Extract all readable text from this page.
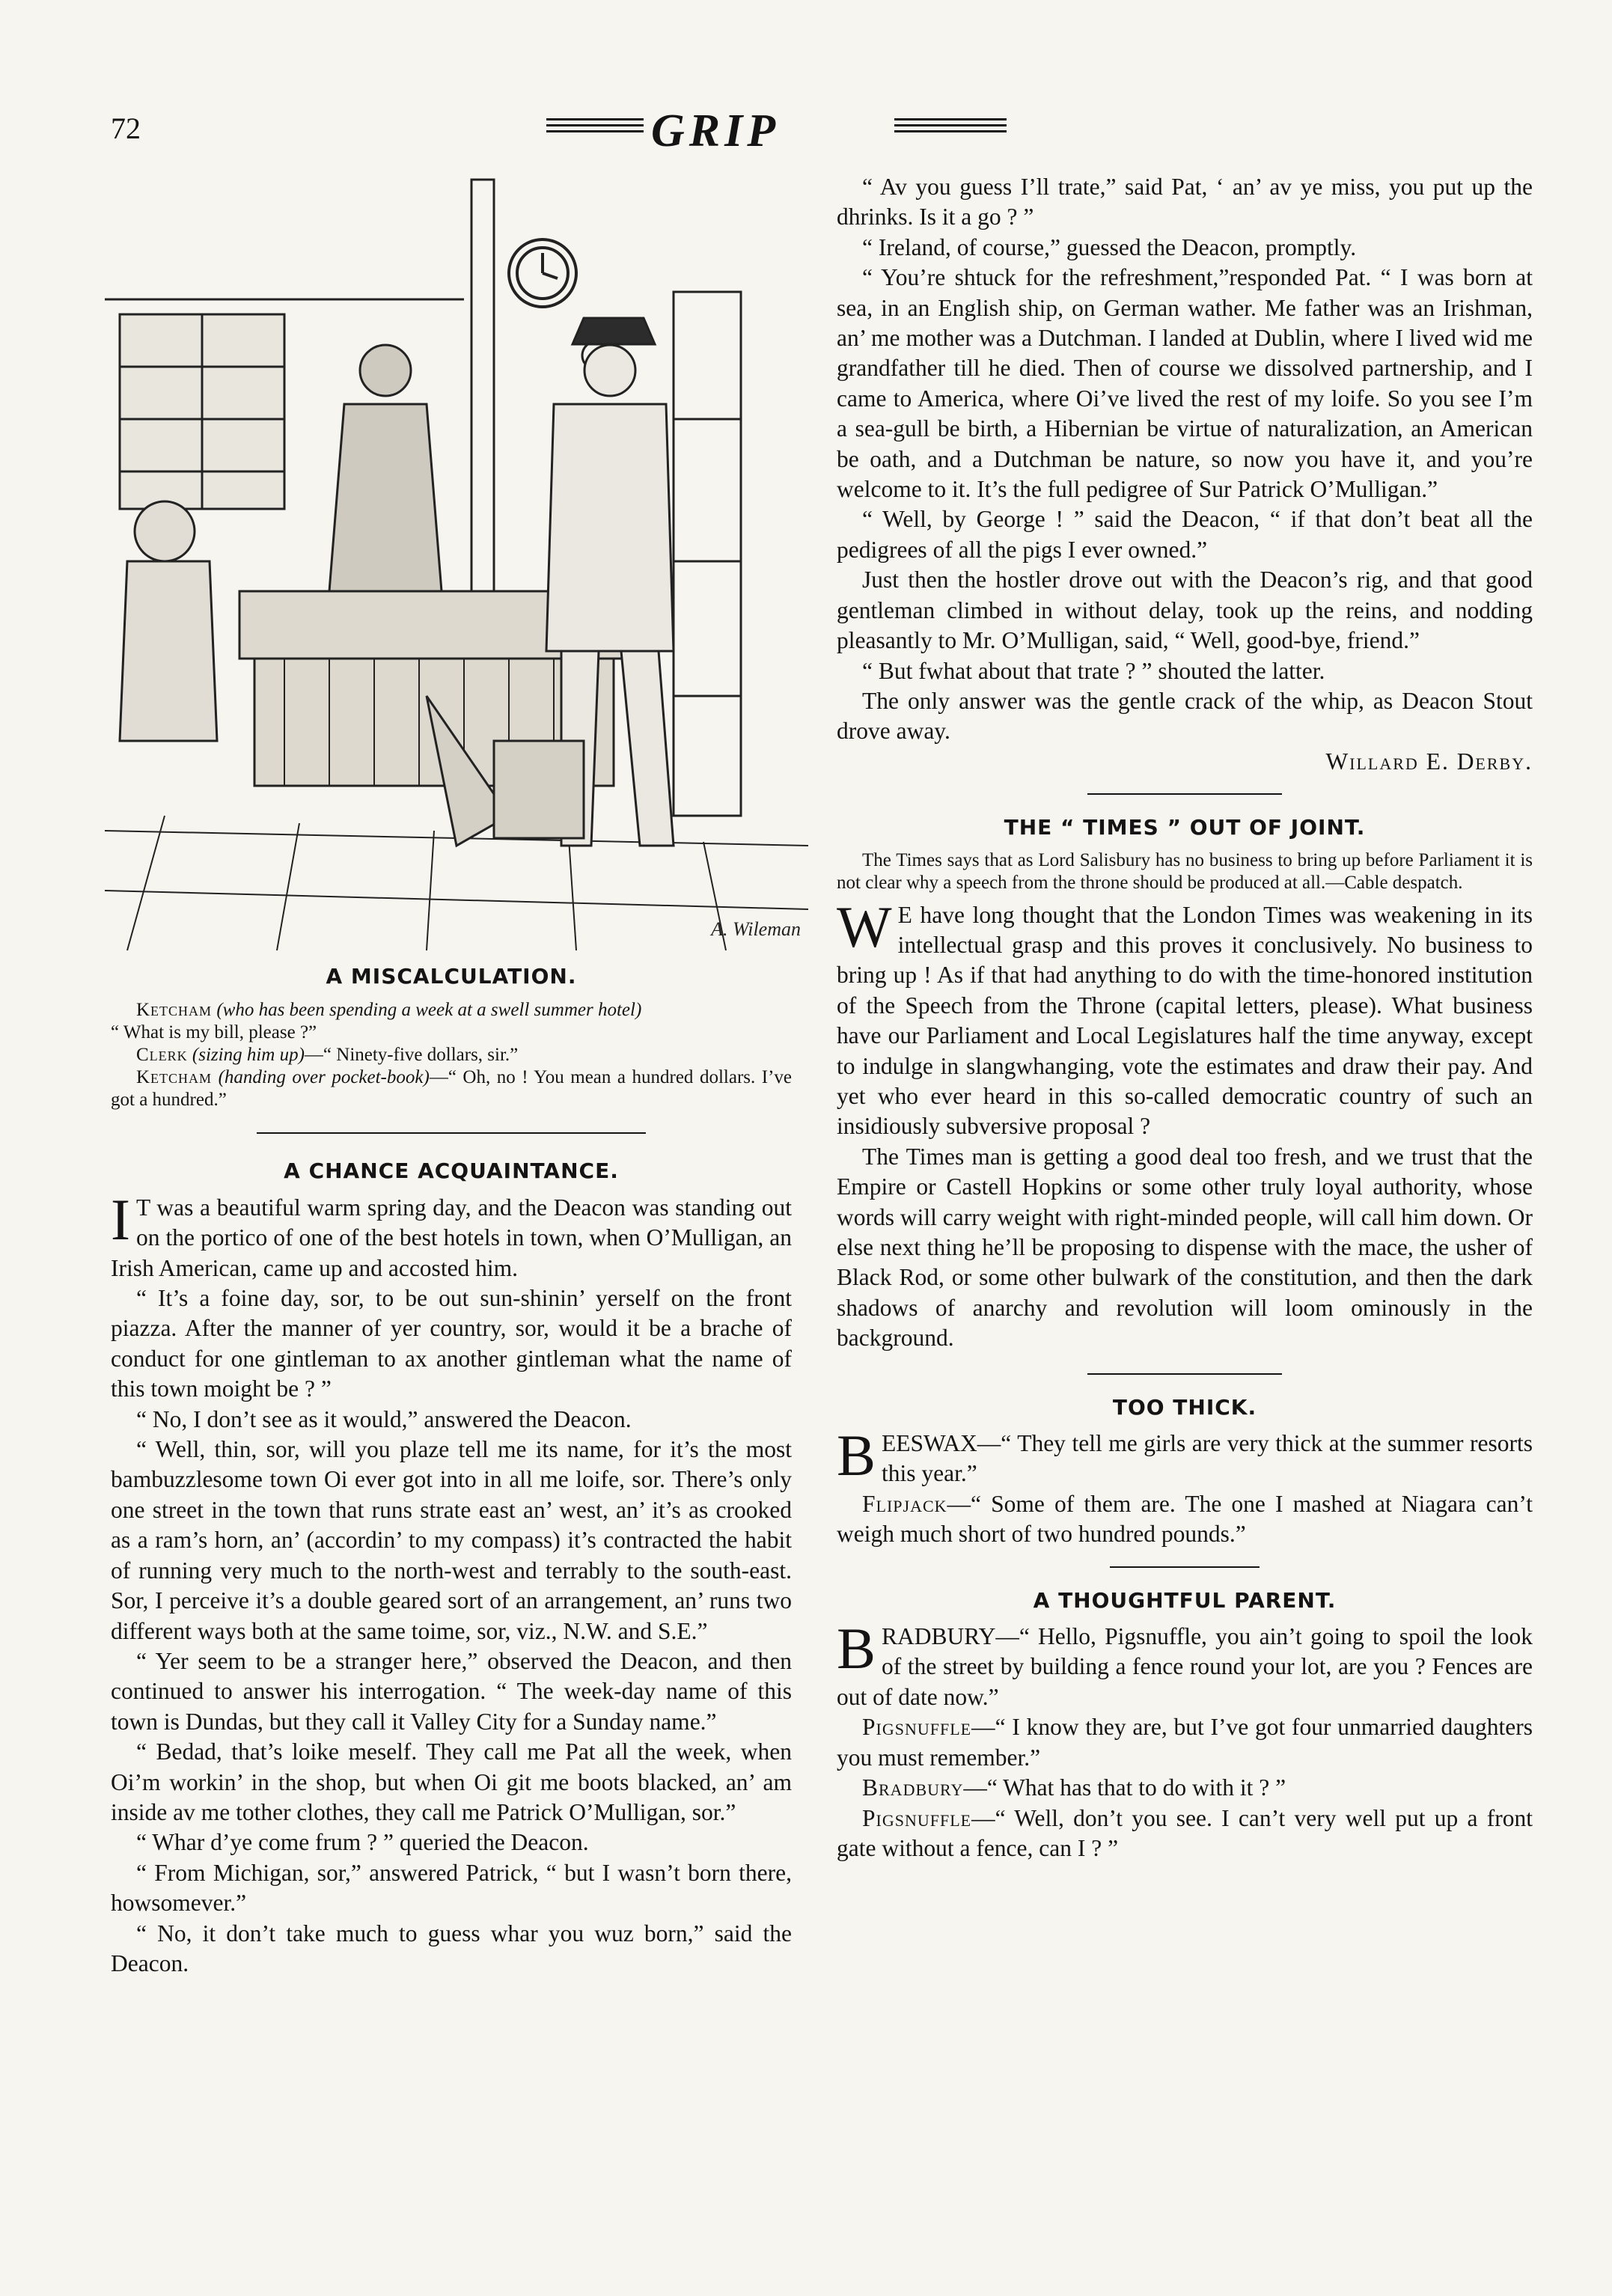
72	GRIP
A. Wileman
A MISCALCULATION.

Ketcham (who has been spending a week at a swell summer hotel)
“ What is my bill, please ?”

Clerk (sizing him up)—“ Ninety-five dollars, sir.”

Ketcham (handing over pocket-book)—“ Oh, no ! You mean a hundred dollars. I’ve got a hundred.”

A CHANCE ACQUAINTANCE.

I T was a beautiful warm spring day, and the Deacon was standing out on the portico of one of the best hotels in town, when O’Mulligan, an Irish American, came up and accosted him.

“ It’s a foine day, sor, to be out sun-shinin’ yerself on the front piazza. After the manner of yer country, sor, would it be a brache of conduct for one gintleman to ax another gintleman what the name of this town moight be ? ”

“ No, I don’t see as it would,” answered the Deacon.

“ Well, thin, sor, will you plaze tell me its name, for it’s the most bambuzzlesome town Oi ever got into in all me loife, sor. There’s only one street in the town that runs strate east an’ west, an’ it’s as crooked as a ram’s horn, an’ (accordin’ to my compass) it’s contracted the habit of running very much to the north-west and terrably to the south-east. Sor, I perceive it’s a double geared sort of an arrangement, an’ runs two different ways both at the same toime, sor, viz., N.W. and S.E.”

“ Yer seem to be a stranger here,” observed the Deacon, and then continued to answer his interrogation. “ The week-day name of this town is Dundas, but they call it Valley City for a Sunday name.”

“ Bedad, that’s loike meself. They call me Pat all the week, when Oi’m workin’ in the shop, but when Oi git me boots blacked, an’ am inside av me tother clothes, they call me Patrick O’Mulligan, sor.”

“ Whar d’ye come frum ? ” queried the Deacon.

“ From Michigan, sor,” answered Patrick, “ but I wasn’t born there, howsomever.”

“ No, it don’t take much to guess whar you wuz born,” said the Deacon.

“ Av you guess I’ll trate,” said Pat, ‘ an’ av ye miss, you put up the dhrinks. Is it a go ? ”

“ Ireland, of course,” guessed the Deacon, promptly.

“ You’re shtuck for the refreshment,”responded Pat. “ I was born at sea, in an English ship, on German wather. Me father was an Irishman, an’ me mother was a Dutchman. I landed at Dublin, where I lived wid me grandfather till he died. Then of course we dissolved partnership, and I came to America, where Oi’ve lived the rest of my loife. So you see I’m a sea-gull be birth, a Hibernian be virtue of naturalization, an American be oath, and a Dutchman be nature, so now you have it, and you’re welcome to it. It’s the full pedigree of Sur Patrick O’Mulligan.”

“ Well, by George ! ” said the Deacon, “ if that don’t beat all the pedigrees of all the pigs I ever owned.”

Just then the hostler drove out with the Deacon’s rig, and that good gentleman climbed in without delay, took up the reins, and nodding pleasantly to Mr. O’Mulligan, said, “ Well, good-bye, friend.”

“ But fwhat about that trate ? ” shouted the latter.

The only answer was the gentle crack of the whip, as Deacon Stout drove away.

Willard E. Derby.

THE “ TIMES ” OUT OF JOINT.

The Times says that as Lord Salisbury has no business to bring up before Parliament it is not clear why a speech from the throne should be produced at all.—Cable despatch.

W E have long thought that the London Times was weakening in its intellectual grasp and this proves it conclusively. No business to bring up ! As if that had anything to do with the time-honored institution of the Speech from the Throne (capital letters, please). What business have our Parliament and Local Legislatures half the time anyway, except to indulge in slangwhanging, vote the estimates and draw their pay. And yet who ever heard in this so-called democratic country of such an insidiously subversive proposal ?

The Times man is getting a good deal too fresh, and we trust that the Empire or Castell Hopkins or some other truly loyal authority, whose words will carry weight with right-minded people, will call him down. Or else next thing he’ll be proposing to dispense with the mace, the usher of Black Rod, or some other bulwark of the constitution, and then the dark shadows of anarchy and revolution will loom ominously in the background.

TOO THICK.

BEESWAX—“ They tell me girls are very thick at the summer resorts this year.”

Flipjack—“ Some of them are. The one I mashed at Niagara can’t weigh much short of two hundred pounds.”

A THOUGHTFUL PARENT.

BRADBURY—“ Hello, Pigsnuffle, you ain’t going to spoil the look of the street by building a fence round your lot, are you ? Fences are out of date now.”

Pigsnuffle—“ I know they are, but I’ve got four unmarried daughters you must remember.”

Bradbury—“ What has that to do with it ? ”

Pigsnuffle—“ Well, don’t you see. I can’t very well put up a front gate without a fence, can I ? ”
